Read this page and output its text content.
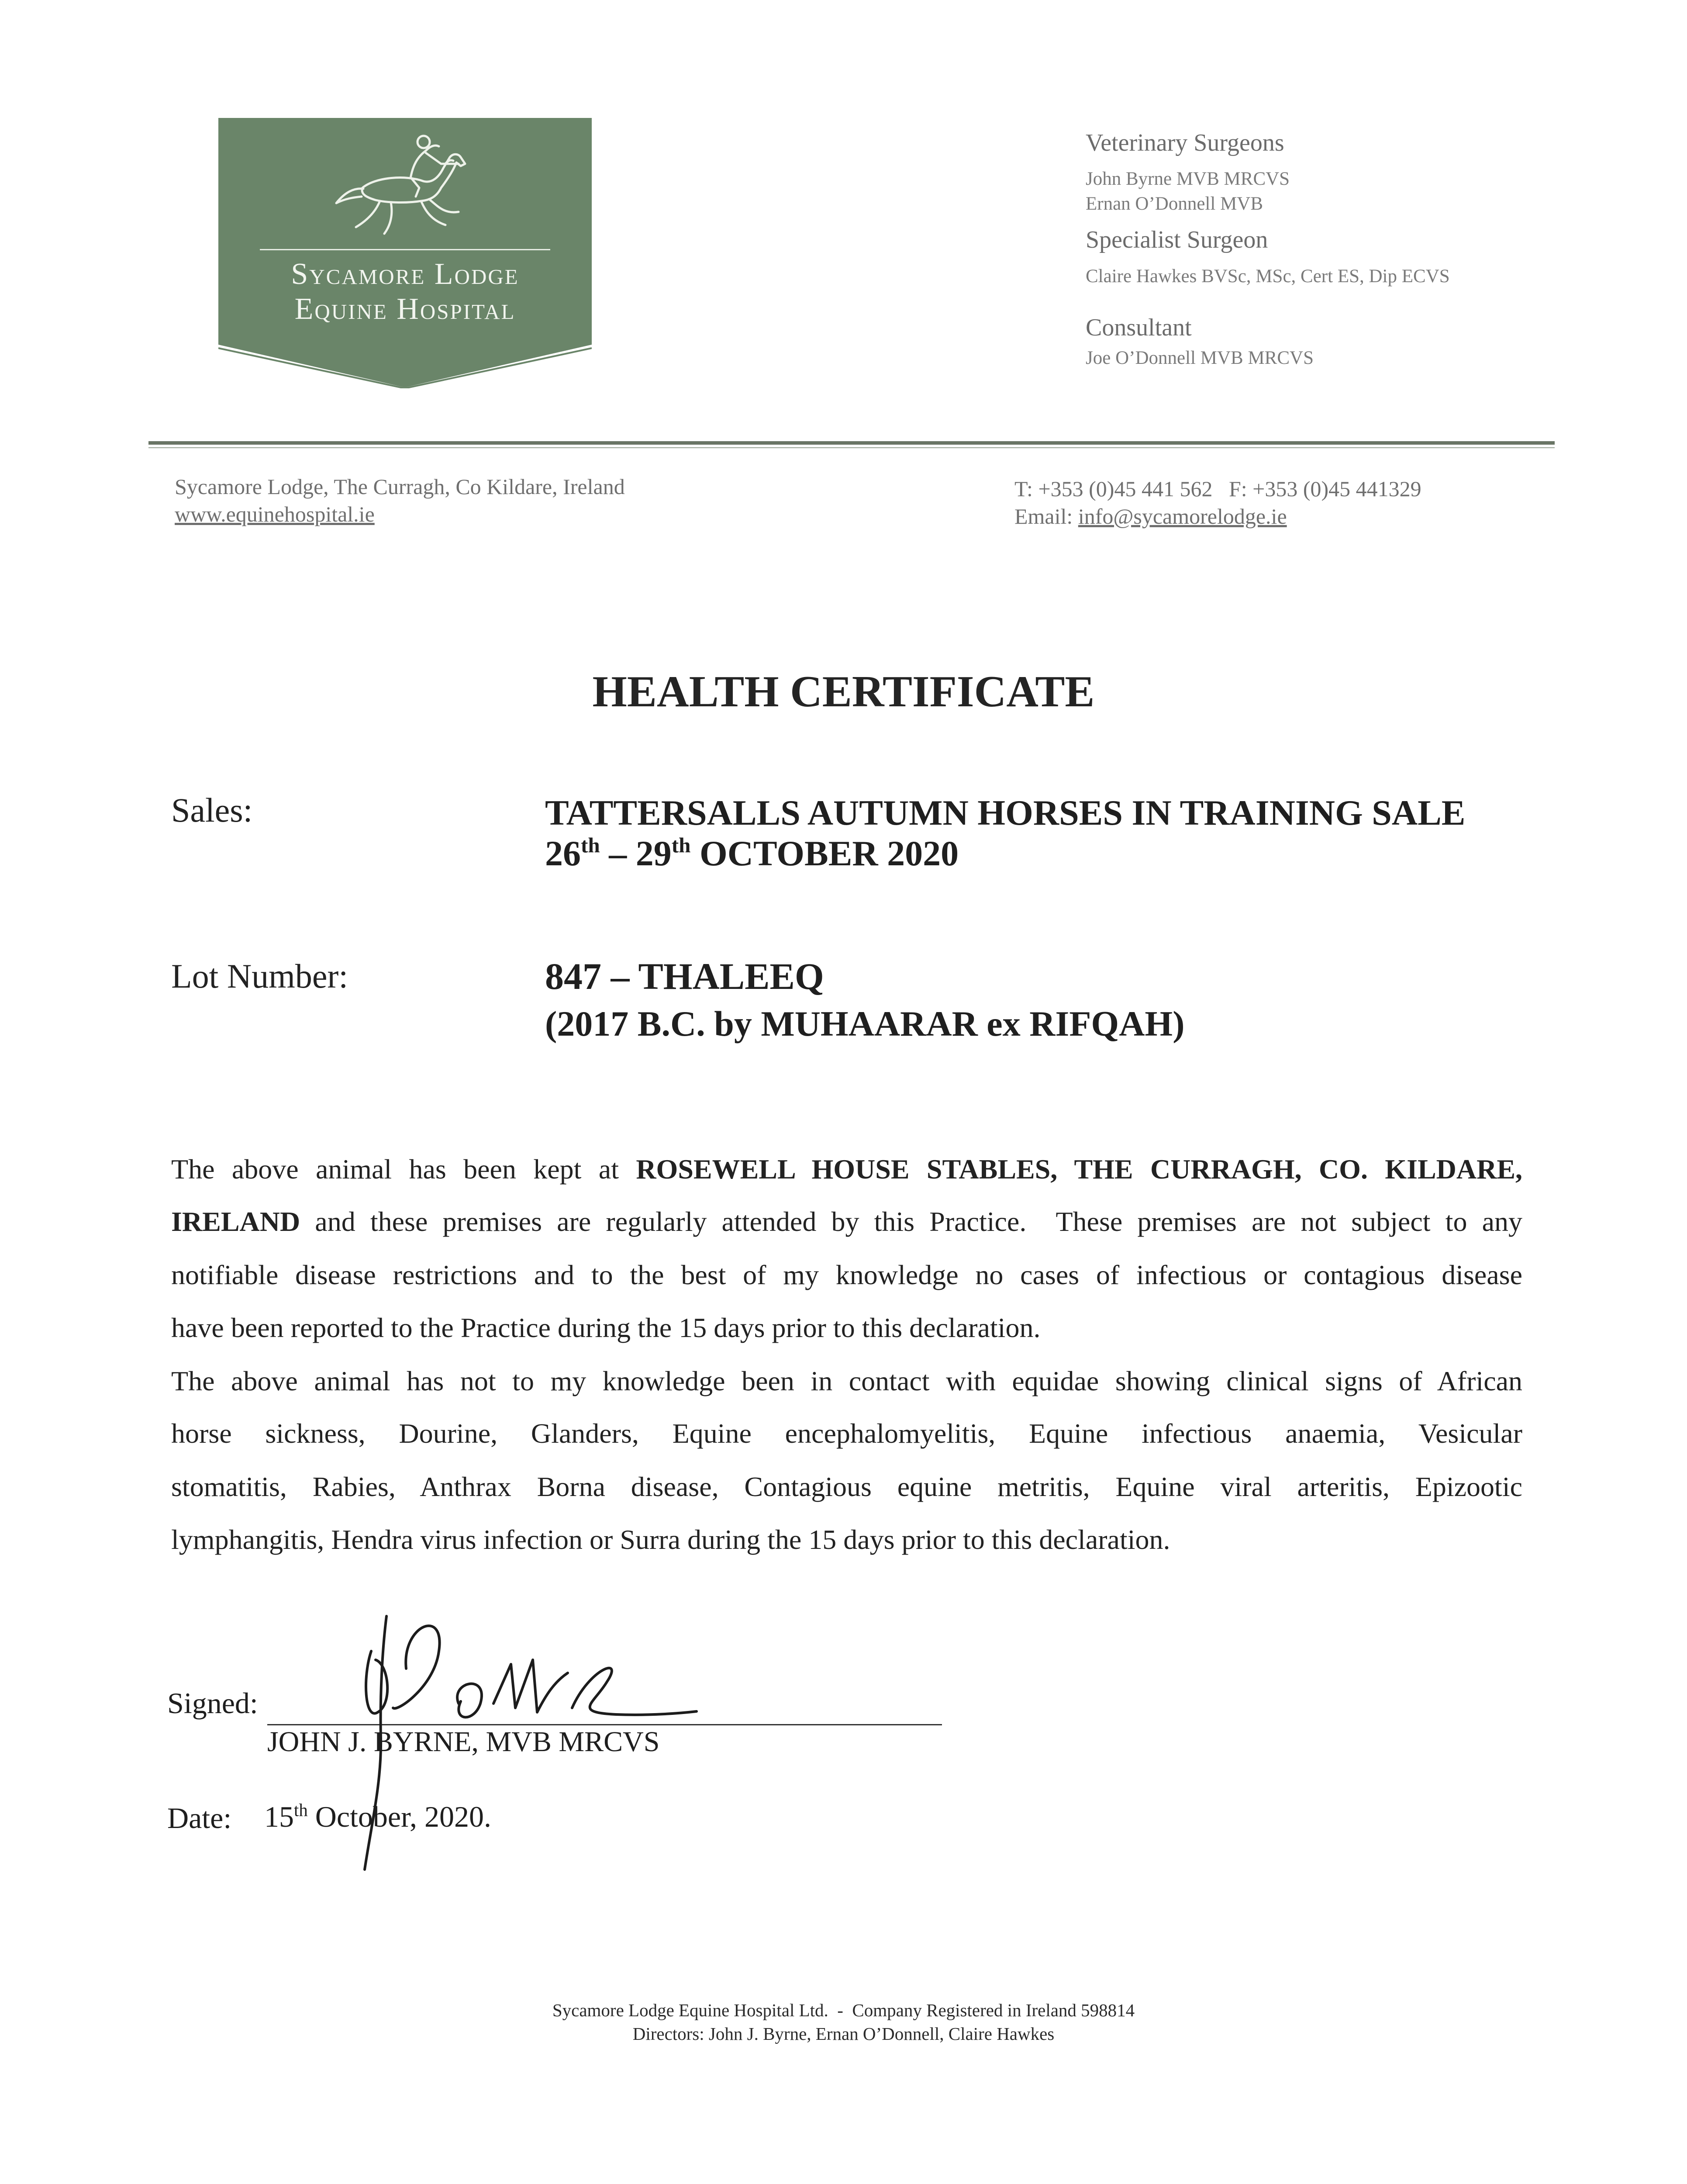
Sycamore Lodge
Equine Hospital
Veterinary Surgeons
John Byrne MVB MRCVS
Ernan O’Donnell MVB
Specialist Surgeon
Claire Hawkes BVSc, MSc, Cert ES, Dip ECVS
Consultant
Joe O’Donnell MVB MRCVS
Sycamore Lodge, The Curragh, Co Kildare, Ireland
www.equinehospital.ie
T: +353 (0)45 441 562   F: +353 (0)45 441329
Email: info@sycamorelodge.ie
HEALTH CERTIFICATE
Sales:	TATTERSALLS AUTUMN HORSES IN TRAINING SALE
26th – 29th OCTOBER 2020
Lot Number:	847 – THALEEQ
(2017 B.C. by MUHAARAR ex RIFQAH)
The above animal has been kept at ROSEWELL HOUSE STABLES, THE CURRAGH, CO. KILDARE,
IRELAND and these premises are regularly attended by this Practice.  These premises are not subject to any
notifiable disease restrictions and to the best of my knowledge no cases of infectious or contagious disease
have been reported to the Practice during the 15 days prior to this declaration.
The above animal has not to my knowledge been in contact with equidae showing clinical signs of African
horse sickness, Dourine, Glanders, Equine encephalomyelitis, Equine infectious anaemia, Vesicular
stomatitis, Rabies, Anthrax Borna disease, Contagious equine metritis, Equine viral arteritis, Epizootic
lymphangitis, Hendra virus infection or Surra during the 15 days prior to this declaration.
Signed:
JOHN J. BYRNE, MVB MRCVS
Date: 15th October, 2020.
Sycamore Lodge Equine Hospital Ltd.  -  Company Registered in Ireland 598814
Directors: John J. Byrne, Ernan O’Donnell, Claire Hawkes
